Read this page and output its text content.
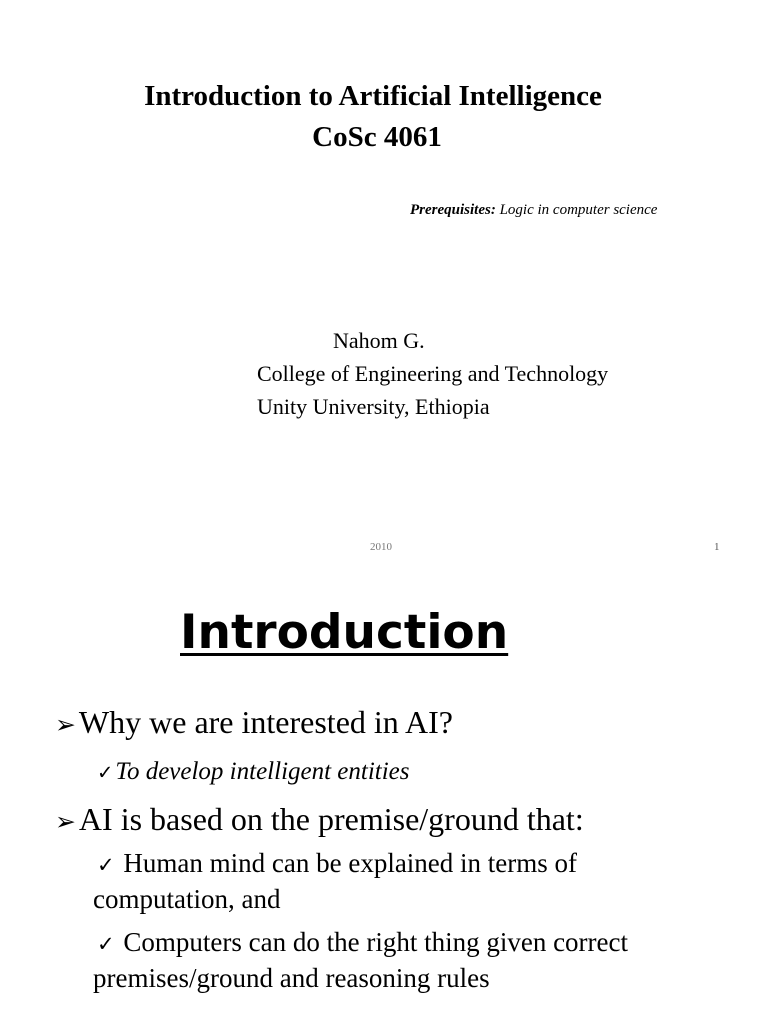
Introduction to Artificial Intelligence
CoSc 4061
Prerequisites: Logic in computer science
Nahom G.
College of Engineering and Technology
Unity University, Ethiopia
2010	1
Introduction
➢Why we are interested in AI?
✓To develop intelligent entities
➢AI is based on the premise/ground that:
✓ Human mind can be explained in terms of
computation, and
✓ Computers can do the right thing given correct
premises/ground and reasoning rules
